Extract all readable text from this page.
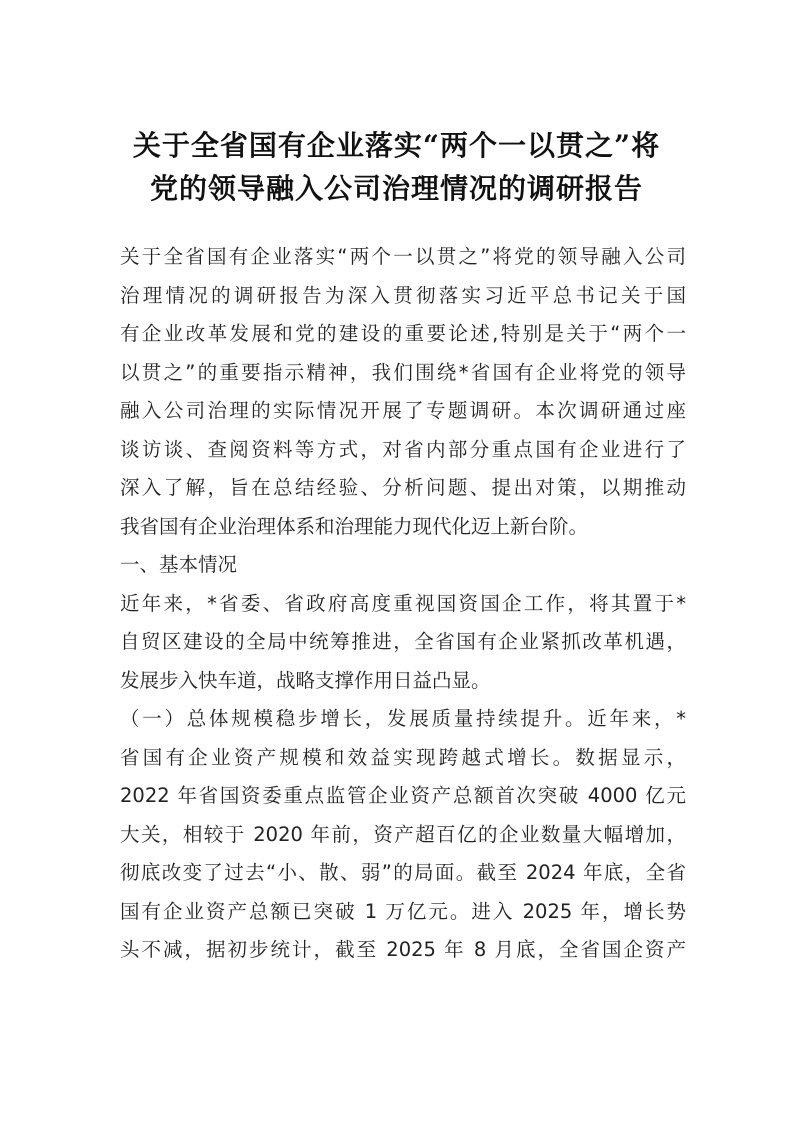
关于全省国有企业落实“两个一以贯之”将
党的领导融入公司治理情况的调研报告
关于全省国有企业落实“两个一以贯之”将党的领导融入公司
治理情况的调研报告为深入贯彻落实习近平总书记关于国
有企业改革发展和党的建设的重要论述,特别是关于“两个一
以贯之”的重要指示精神，我们围绕*省国有企业将党的领导
融入公司治理的实际情况开展了专题调研。本次调研通过座
谈访谈、查阅资料等方式，对省内部分重点国有企业进行了
深入了解，旨在总结经验、分析问题、提出对策，以期推动
我省国有企业治理体系和治理能力现代化迈上新台阶。
一、基本情况
近年来，*省委、省政府高度重视国资国企工作，将其置于*
自贸区建设的全局中统筹推进，全省国有企业紧抓改革机遇，
发展步入快车道，战略支撑作用日益凸显。
（一）总体规模稳步增长，发展质量持续提升。近年来，*
省国有企业资产规模和效益实现跨越式增长。数据显示，
2022 年省国资委重点监管企业资产总额首次突破 4000 亿元
大关，相较于 2020 年前，资产超百亿的企业数量大幅增加，
彻底改变了过去“小、散、弱”的局面。截至 2024 年底，全省
国有企业资产总额已突破 1 万亿元。进入 2025 年，增长势
头不减，据初步统计，截至 2025 年 8 月底，全省国企资产
